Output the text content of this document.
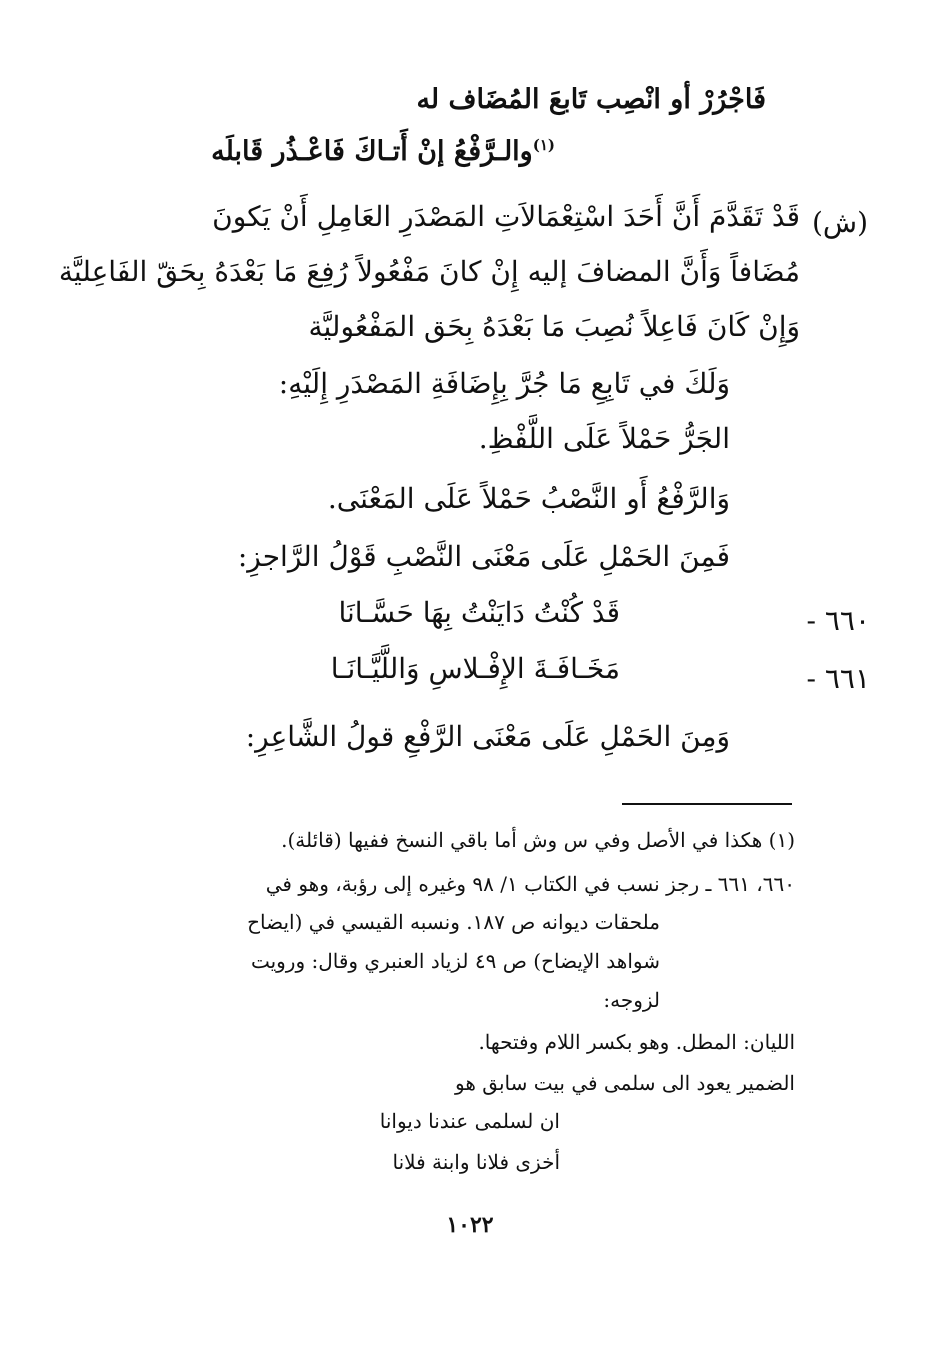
فَاجْرُرْ أو انْصِب تَابعَ المُضَاف له
$^{(١)}$والـرَّفْعُ إنْ أَتـاكَ فَاعْـذُر قَابلَه
(ش)
قَدْ تَقَدَّمَ أَنَّ أَحَدَ اسْتِعْمَالاَتِ المَصْدَرِ العَامِلِ أَنْ يَكونَ
مُضَافاً وَأَنَّ المضافَ إليه إِنْ كانَ مَفْعُولاً رُفِعَ مَا بَعْدَهُ بِحَقّ الفَاعِليَّة
وَإِنْ كَانَ فَاعِلاً نُصِبَ مَا بَعْدَهُ بِحَق المَفْعُوليَّة
وَلَكَ في تَابِعِ مَا جُرَّ بِإِضَافَةِ المَصْدَرِ إِلَيْهِ:
الجَرُّ حَمْلاً عَلَى اللَّفْظِ.
وَالرَّفْعُ أَو النَّصْبُ حَمْلاً عَلَى المَعْنَى.
فَمِنَ الحَمْلِ عَلَى مَعْنَى النَّصْبِ قَوْلُ الرَّاجزِ:
٦٦٠ -
قَدْ كُنْتُ دَايَنْتُ بِهَا حَسَّـانَا
٦٦١ -
مَخَـافَـةَ الإِفْـلاسِ وَاللَّيَّـانَـا
وَمِنَ الحَمْلِ عَلَى مَعْنَى الرَّفْعِ قولُ الشَّاعِرِ:
(١) هكذا في الأصل وفي س وش أما باقي النسخ ففيها (قائلة).
٦٦٠، ٦٦١ ـ رجز نسب في الكتاب ١/ ٩٨ وغيره إلى رؤبة، وهو في
ملحقات ديوانه ص ١٨٧. ونسبه القيسي في (ايضاح
شواهد الإيضاح) ص ٤٩ لزياد العنبري وقال: ورويت
لزوجه:
الليان: المطل. وهو بكسر اللام وفتحها.
الضمير يعود الى سلمى في بيت سابق هو
ان لسلمى عندنا ديوانا
أخزى فلانا وابنة فلانا
١٠٢٢
